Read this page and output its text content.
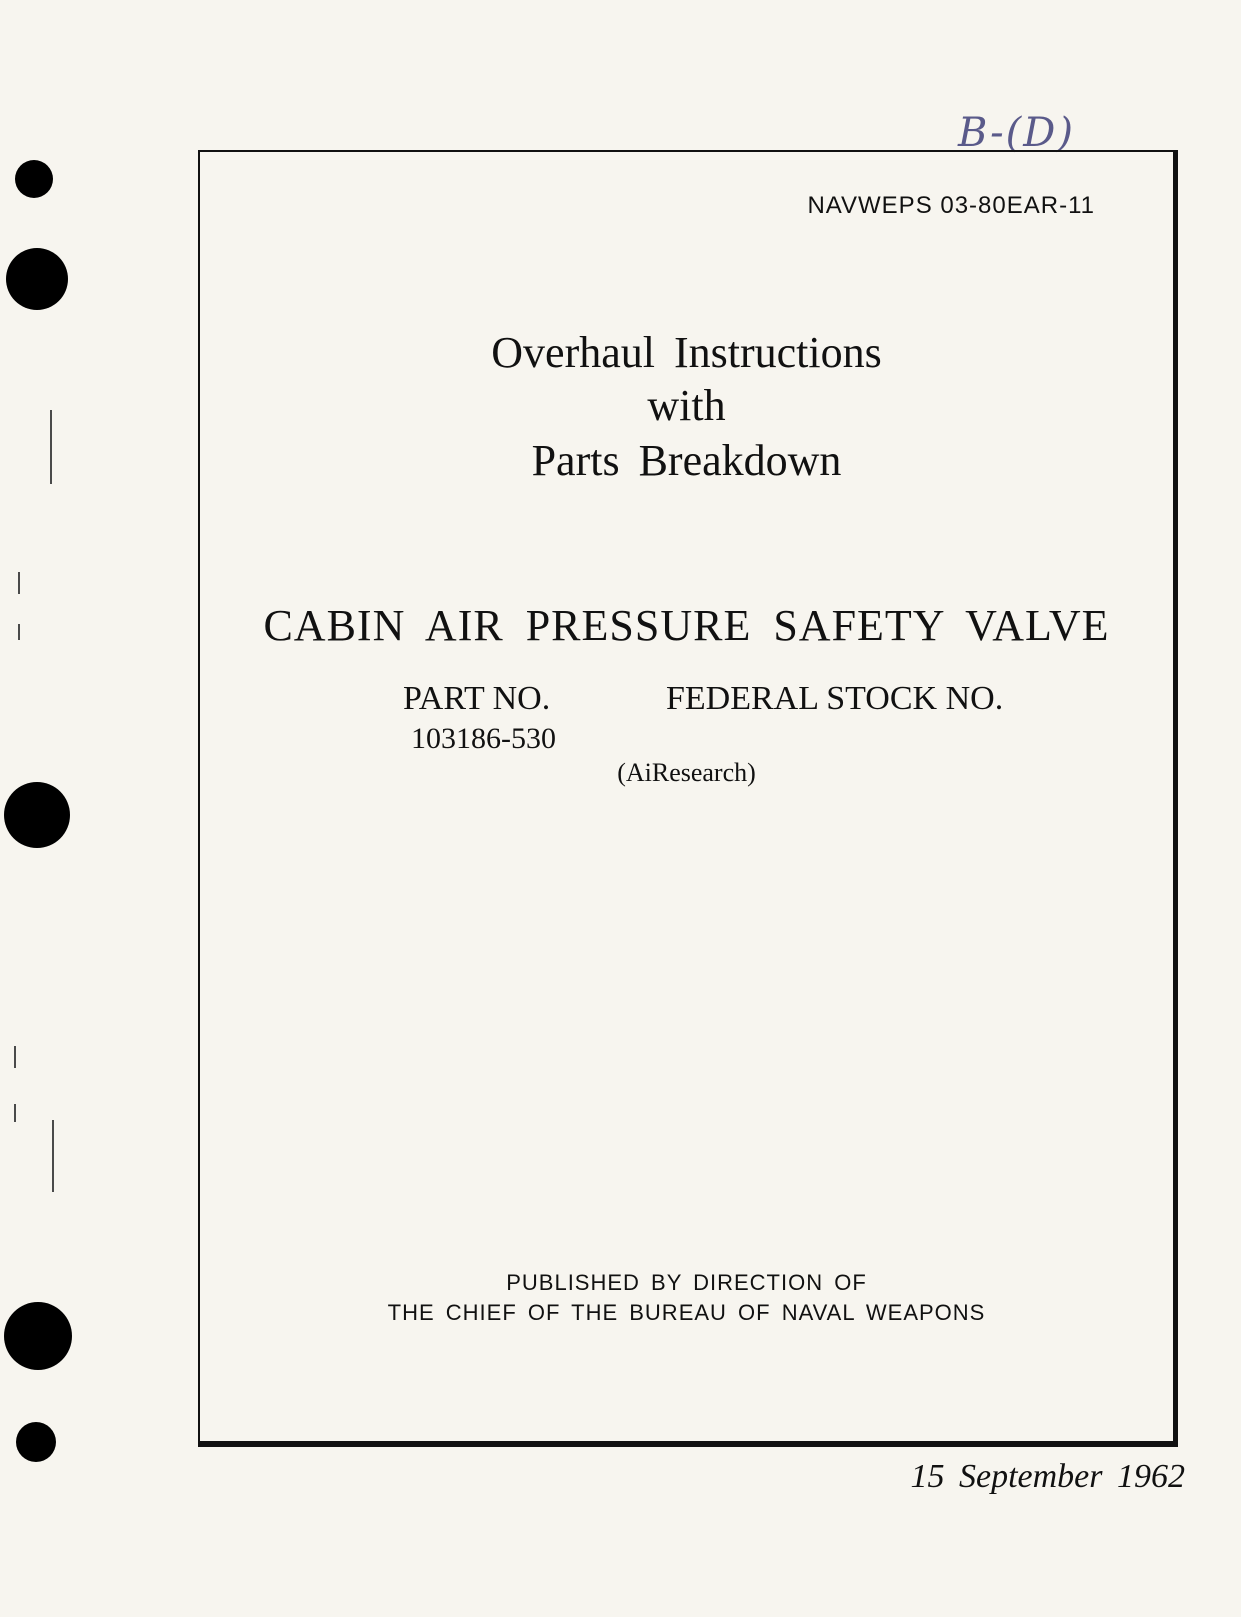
B-(D)
NAVWEPS 03-80EAR-11
Overhaul Instructions
with
Parts Breakdown
CABIN AIR PRESSURE SAFETY VALVE
PART NO.	FEDERAL STOCK NO.
103186-530
(AiResearch)
PUBLISHED BY DIRECTION OF
THE CHIEF OF THE BUREAU OF NAVAL WEAPONS
15 September 1962
